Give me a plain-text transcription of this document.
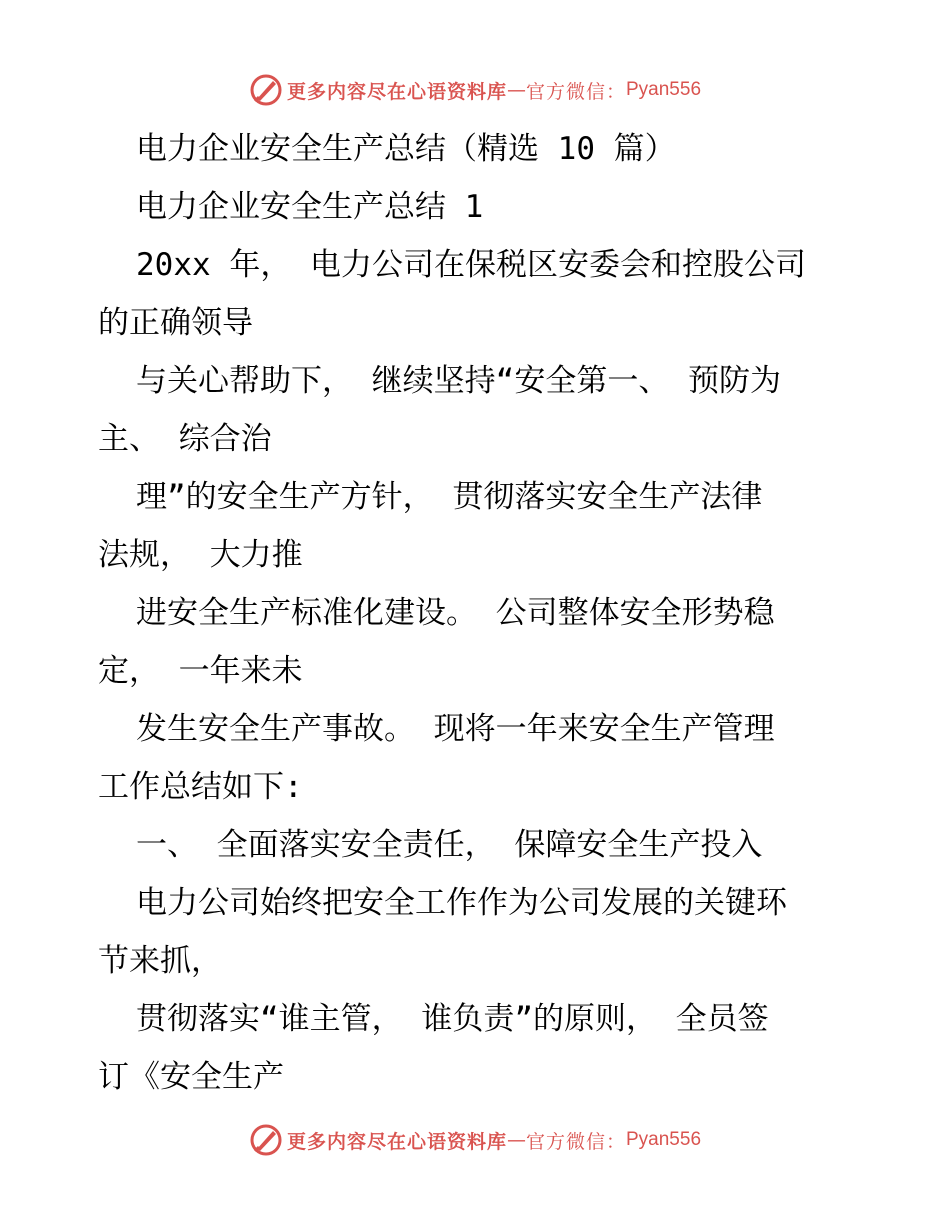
更多内容尽在心语资料库 — 官方微信： Pyan556
电力企业安全生产总结（精选 10 篇）
电力企业安全生产总结 1
20xx 年， 电力公司在保税区安委会和控股公司
的正确领导
与关心帮助下， 继续坚持“安全第一、 预防为
主、 综合治
理”的安全生产方针， 贯彻落实安全生产法律
法规， 大力推
进安全生产标准化建设。 公司整体安全形势稳
定， 一年来未
发生安全生产事故。 现将一年来安全生产管理
工作总结如下:
一、 全面落实安全责任， 保障安全生产投入
电力公司始终把安全工作作为公司发展的关键环
节来抓，
贯彻落实“谁主管， 谁负责”的原则， 全员签
订《安全生产
更多内容尽在心语资料库 — 官方微信： Pyan556
